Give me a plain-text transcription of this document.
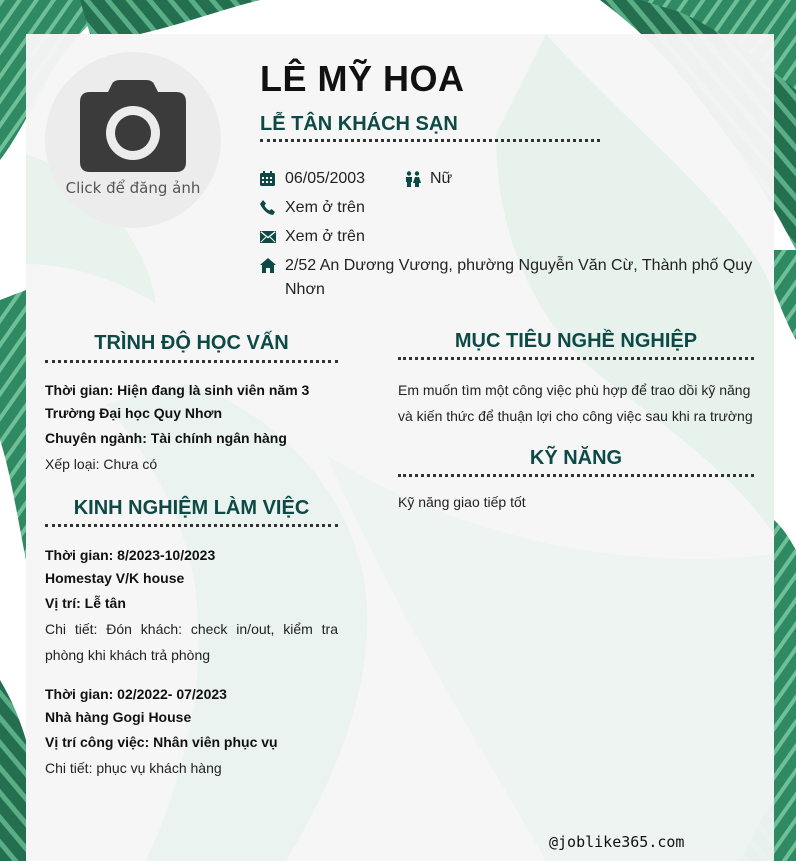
Click để đăng ảnh
LÊ MỸ HOA
LỄ TÂN KHÁCH SẠN
06/05/2003	Nữ
Xem ở trên
Xem ở trên
2/52 An Dương Vương, phường Nguyễn Văn Cừ, Thành phố Quy
Nhơn
TRÌNH ĐỘ HỌC VẤN
Thời gian: Hiện đang là sinh viên năm 3
Trường Đại học Quy Nhơn
Chuyên ngành: Tài chính ngân hàng
Xếp loại: Chưa có
KINH NGHIỆM LÀM VIỆC
Thời gian: 8/2023-10/2023
Homestay V/K house
Vị trí: Lễ tân
Chi tiết: Đón khách: check in/out, kiểm tra
phòng khi khách trả phòng
Thời gian: 02/2022- 07/2023
Nhà hàng Gogi House
Vị trí công việc: Nhân viên phục vụ
Chi tiết: phục vụ khách hàng
MỤC TIÊU NGHỀ NGHIỆP
Em muốn tìm một công việc phù hợp để trao dồi kỹ năng
và kiến thức để thuận lợi cho công việc sau khi ra trường
KỸ NĂNG
Kỹ năng giao tiếp tốt
@joblike365.com
